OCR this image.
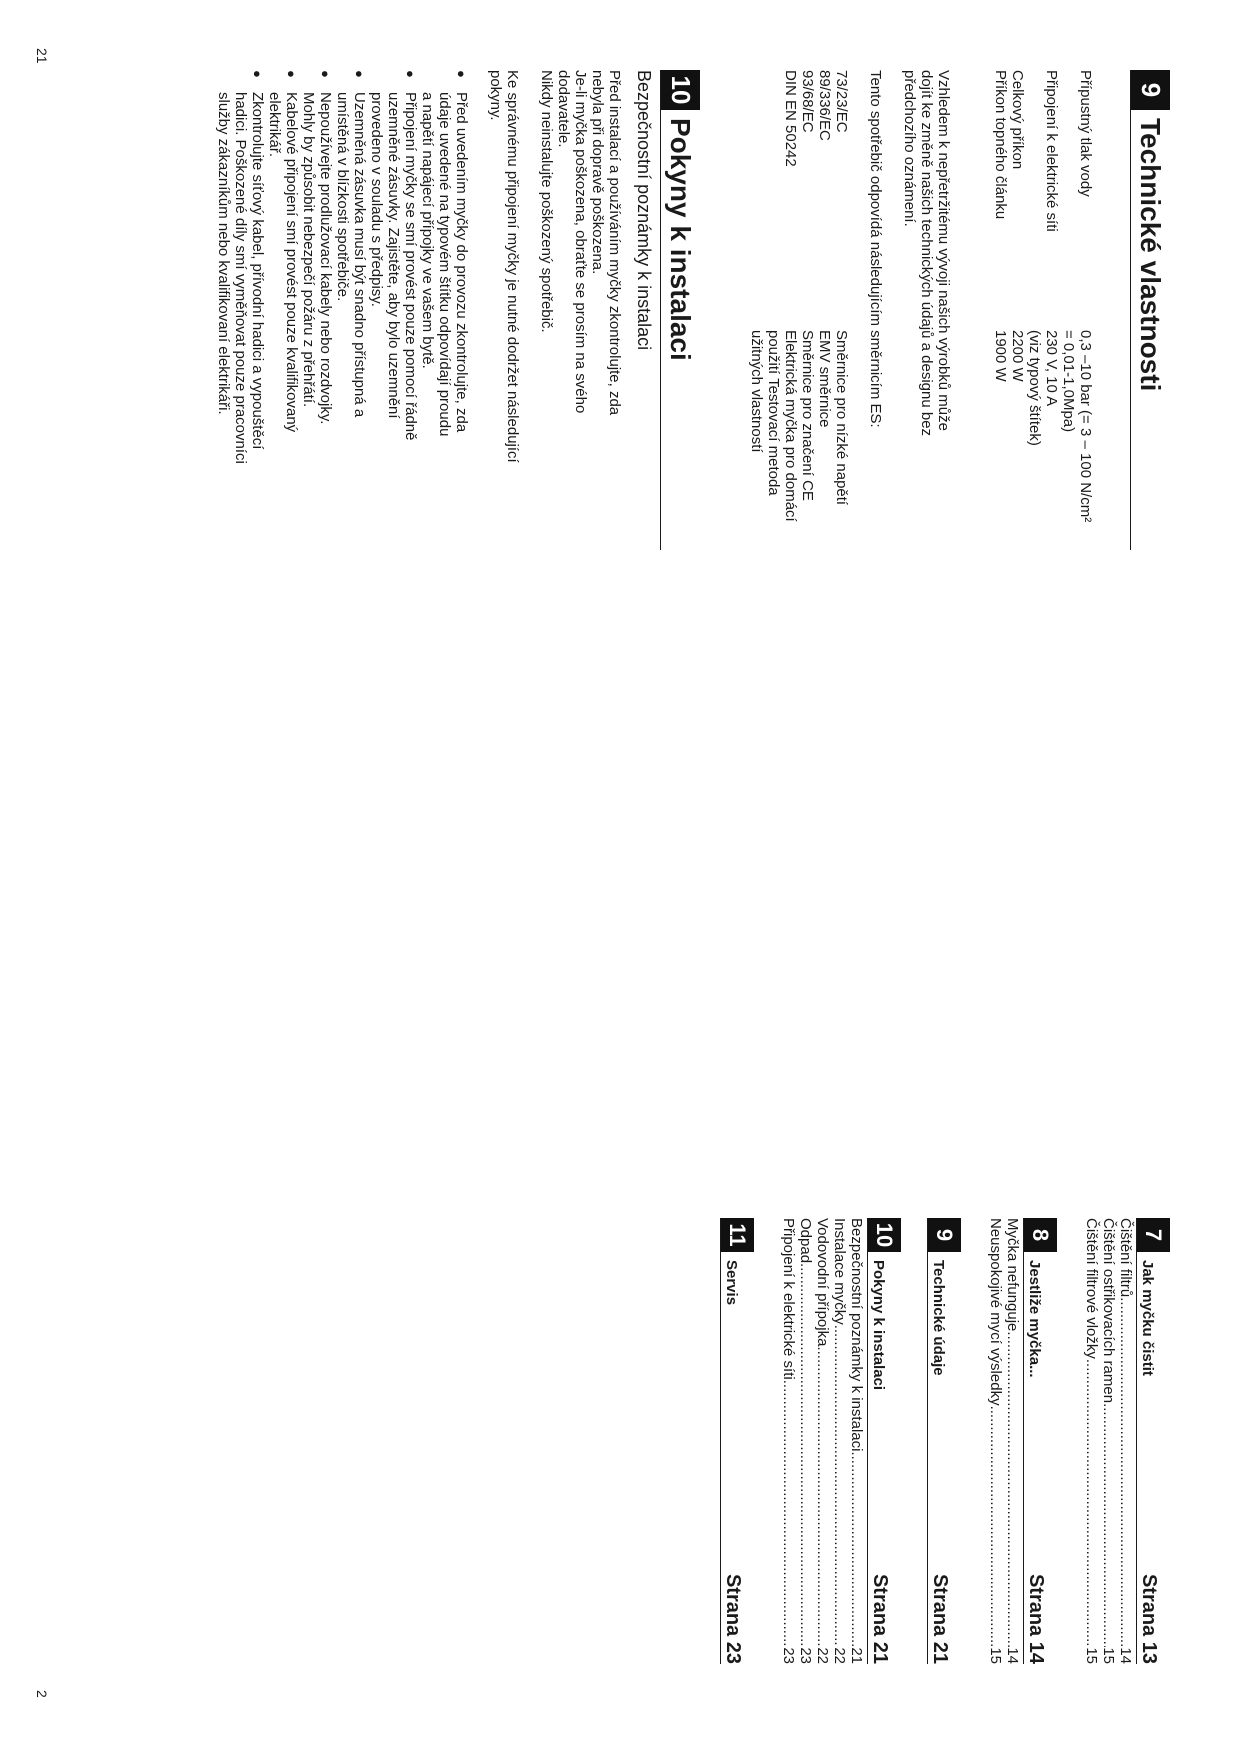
21
2
9
Technické vlastnosti
Přípustný tlak vody
0,3 –10 bar (= 3 – 100 N/cm²
= 0,01-1,0Mpa)
Připojení k elektrické síti
230 V, 10 A
(viz typový štítek)
Celkový příkon
2200 W
Příkon topného článku
1900 W
Vzhledem k nepřetržitému vývoji našich výrobků může
dojít ke změně našich technických údajů a designu bez
předchozího oznámení.
Tento spotřebič odpovídá následujícím směrnicím ES:
73/23/EC
Směrnice pro nízké napětí
89/336/EC
EMV směrnice
93/68/EC
Směrnice pro značení CE
DIN EN 50242
Elektrická myčka pro domácí
použití Testovací metoda
užitných vlastností
10
Pokyny k instalaci
Bezpečnostní poznámky k instalaci
Před instalací a používáním myčky zkontrolujte, zda
nebyla při dopravě poškozena.
Je-li myčka poškozena, obraťte se prosím na svého
dodavatele.
Nikdy neinstalujte poškozený spotřebič.
Ke správnému připojení myčky je nutné dodržet následující
pokyny.
● Před uvedením myčky do provozu zkontrolujte, zda
údaje uvedené na typovém štítku odpovídají proudu
a napětí napájecí přípojky ve vašem bytě.
● Připojení myčky se smí provést pouze pomocí řádně
uzemněné zásuvky. Zajistěte, aby bylo uzemnění
provedeno v souladu s předpisy.
● Uzemněná zásuvka musí být snadno přístupná a
umístěná v blízkosti spotřebiče.
● Nepoužívejte prodlužovací kabely nebo rozdvojky.
Mohly by způsobit nebezpečí požáru z přehřátí.
● Kabelové připojení smí provést pouze kvalifikovaný
elektrikář.
● Zkontrolujte síťový kabel, přívodní hadici a vypouštěcí
hadici. Poškozené díly smí vyměňovat pouze pracovníci
služby zákazníkům nebo kvalifikovaní elektrikáři.
7
Jak myčku čistit
Strana 13
Čištění filtrů
.....
14
Čištění ostřikovacích ramen
.....
15
Čištění filtrové vložky
.....
15
8
Jestliže myčka...
Strana 14
Myčka nefunguje
.....
14
Neuspokojivé mycí výsledky
.....
15
9
Technické údaje
Strana 21
10
Pokyny k instalaci
Strana 21
Bezpečnostní poznámky k instalaci
.....
21
Instalace myčky
.....
22
Vodovodní přípojka
.....
22
Odpad
.....
23
Připojení k elektrické síti
.....
23
11
Servis
Strana 23
